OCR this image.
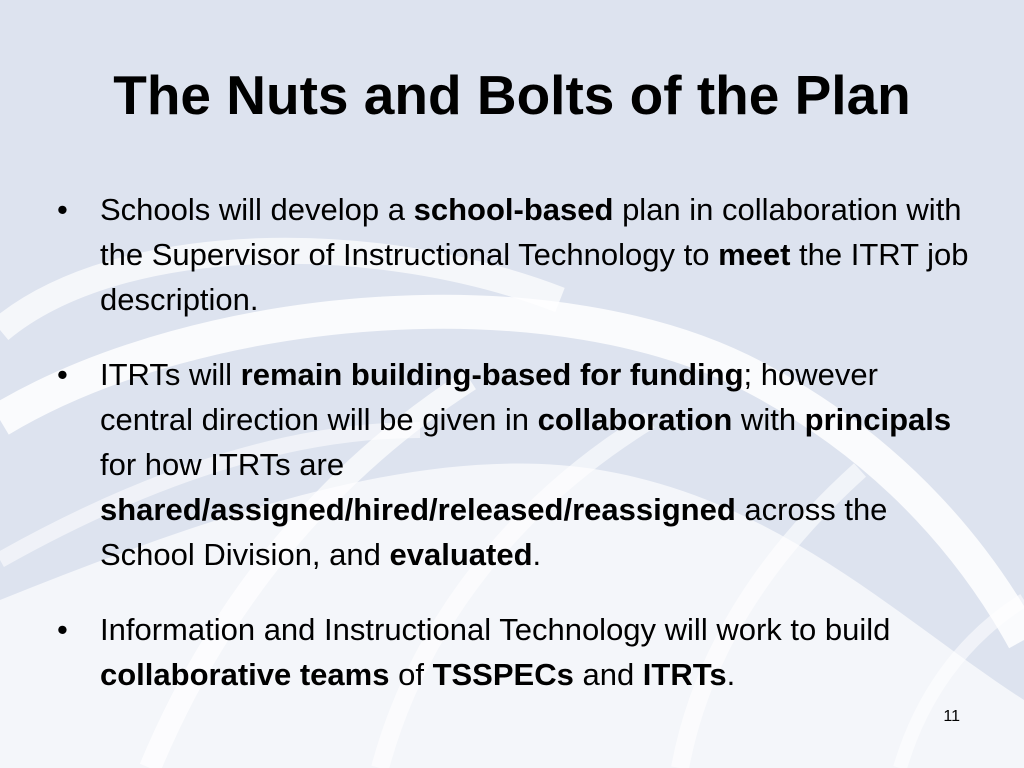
The Nuts and Bolts of the Plan
• Schools will develop a school-based plan in collaboration with the Supervisor of Instructional Technology to meet the ITRT job description.
• ITRTs will remain building-based for funding; however central direction will be given in collaboration with principals for how ITRTs are shared/assigned/hired/released/reassigned across the School Division, and evaluated.
• Information and Instructional Technology will work to build collaborative teams of TSSPECs and ITRTs.
11
